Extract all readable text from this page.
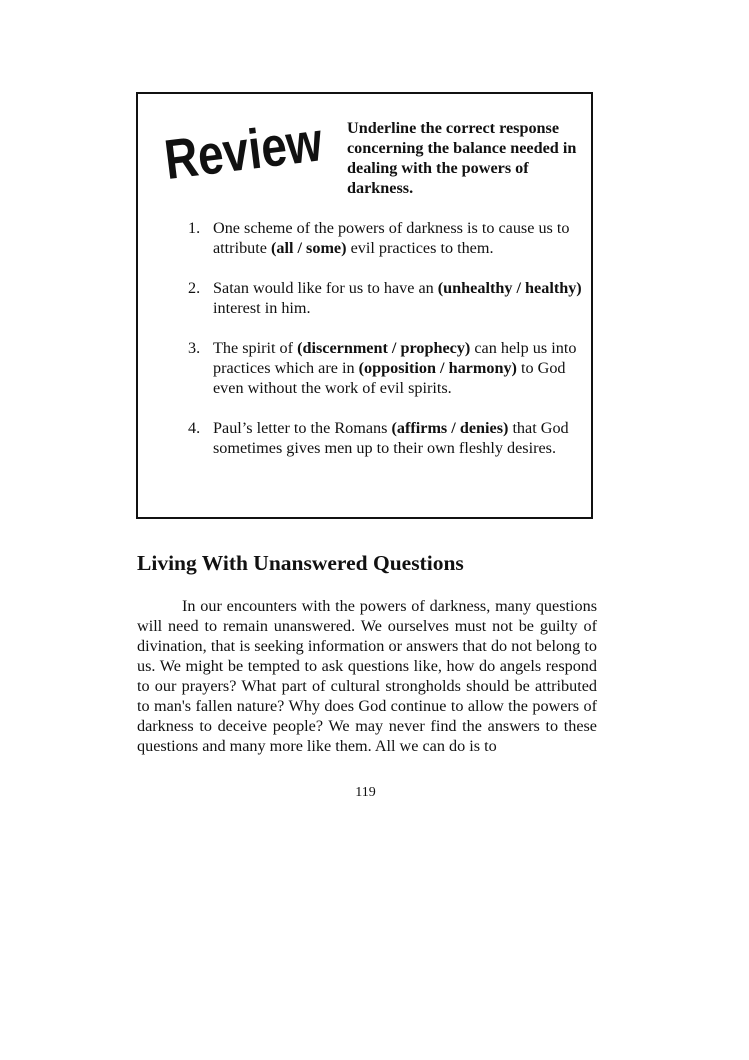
Review
Underline the correct response concerning the balance needed in dealing with the powers of darkness.
1. One scheme of the powers of darkness is to cause us to attribute (all / some) evil practices to them.
2. Satan would like for us to have an (unhealthy / healthy) interest in him.
3. The spirit of (discernment / prophecy) can help us into practices which are in (opposition / harmony) to God even without the work of evil spirits.
4. Paul’s letter to the Romans (affirms / denies) that God sometimes gives men up to their own fleshly desires.
Living With Unanswered Questions

In our encounters with the powers of darkness, many questions will need to remain unanswered. We ourselves must not be guilty of divination, that is seeking information or answers that do not belong to us. We might be tempted to ask questions like, how do angels respond to our prayers? What part of cultural strongholds should be attributed to man's fallen nature? Why does God continue to allow the powers of darkness to deceive people? We may never find the answers to these questions and many more like them. All we can do is to

119
